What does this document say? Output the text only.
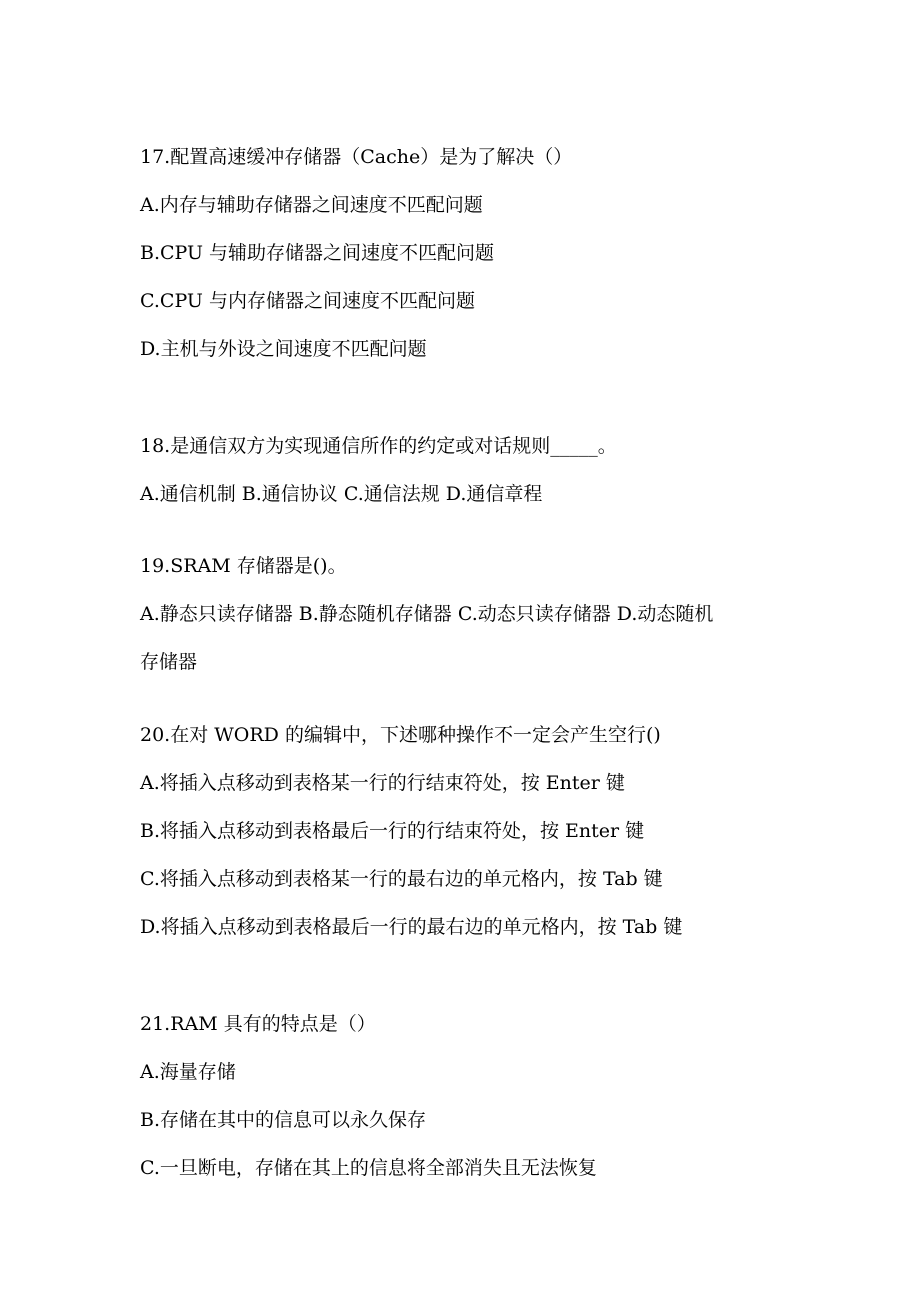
17.配置高速缓冲存储器（Cache）是为了解决（）

A.内存与辅助存储器之间速度不匹配问题

B.CPU 与辅助存储器之间速度不匹配问题

C.CPU 与内存储器之间速度不匹配问题

D.主机与外设之间速度不匹配问题

18.是通信双方为实现通信所作的约定或对话规则_____。

A.通信机制 B.通信协议 C.通信法规 D.通信章程

19.SRAM 存储器是()。

A.静态只读存储器 B.静态随机存储器 C.动态只读存储器 D.动态随机

存储器

20.在对 WORD 的编辑中，下述哪种操作不一定会产生空行()

A.将插入点移动到表格某一行的行结束符处，按 Enter 键

B.将插入点移动到表格最后一行的行结束符处，按 Enter 键

C.将插入点移动到表格某一行的最右边的单元格内，按 Tab 键

D.将插入点移动到表格最后一行的最右边的单元格内，按 Tab 键

21.RAM 具有的特点是（）

A.海量存储

B.存储在其中的信息可以永久保存

C.一旦断电，存储在其上的信息将全部消失且无法恢复
